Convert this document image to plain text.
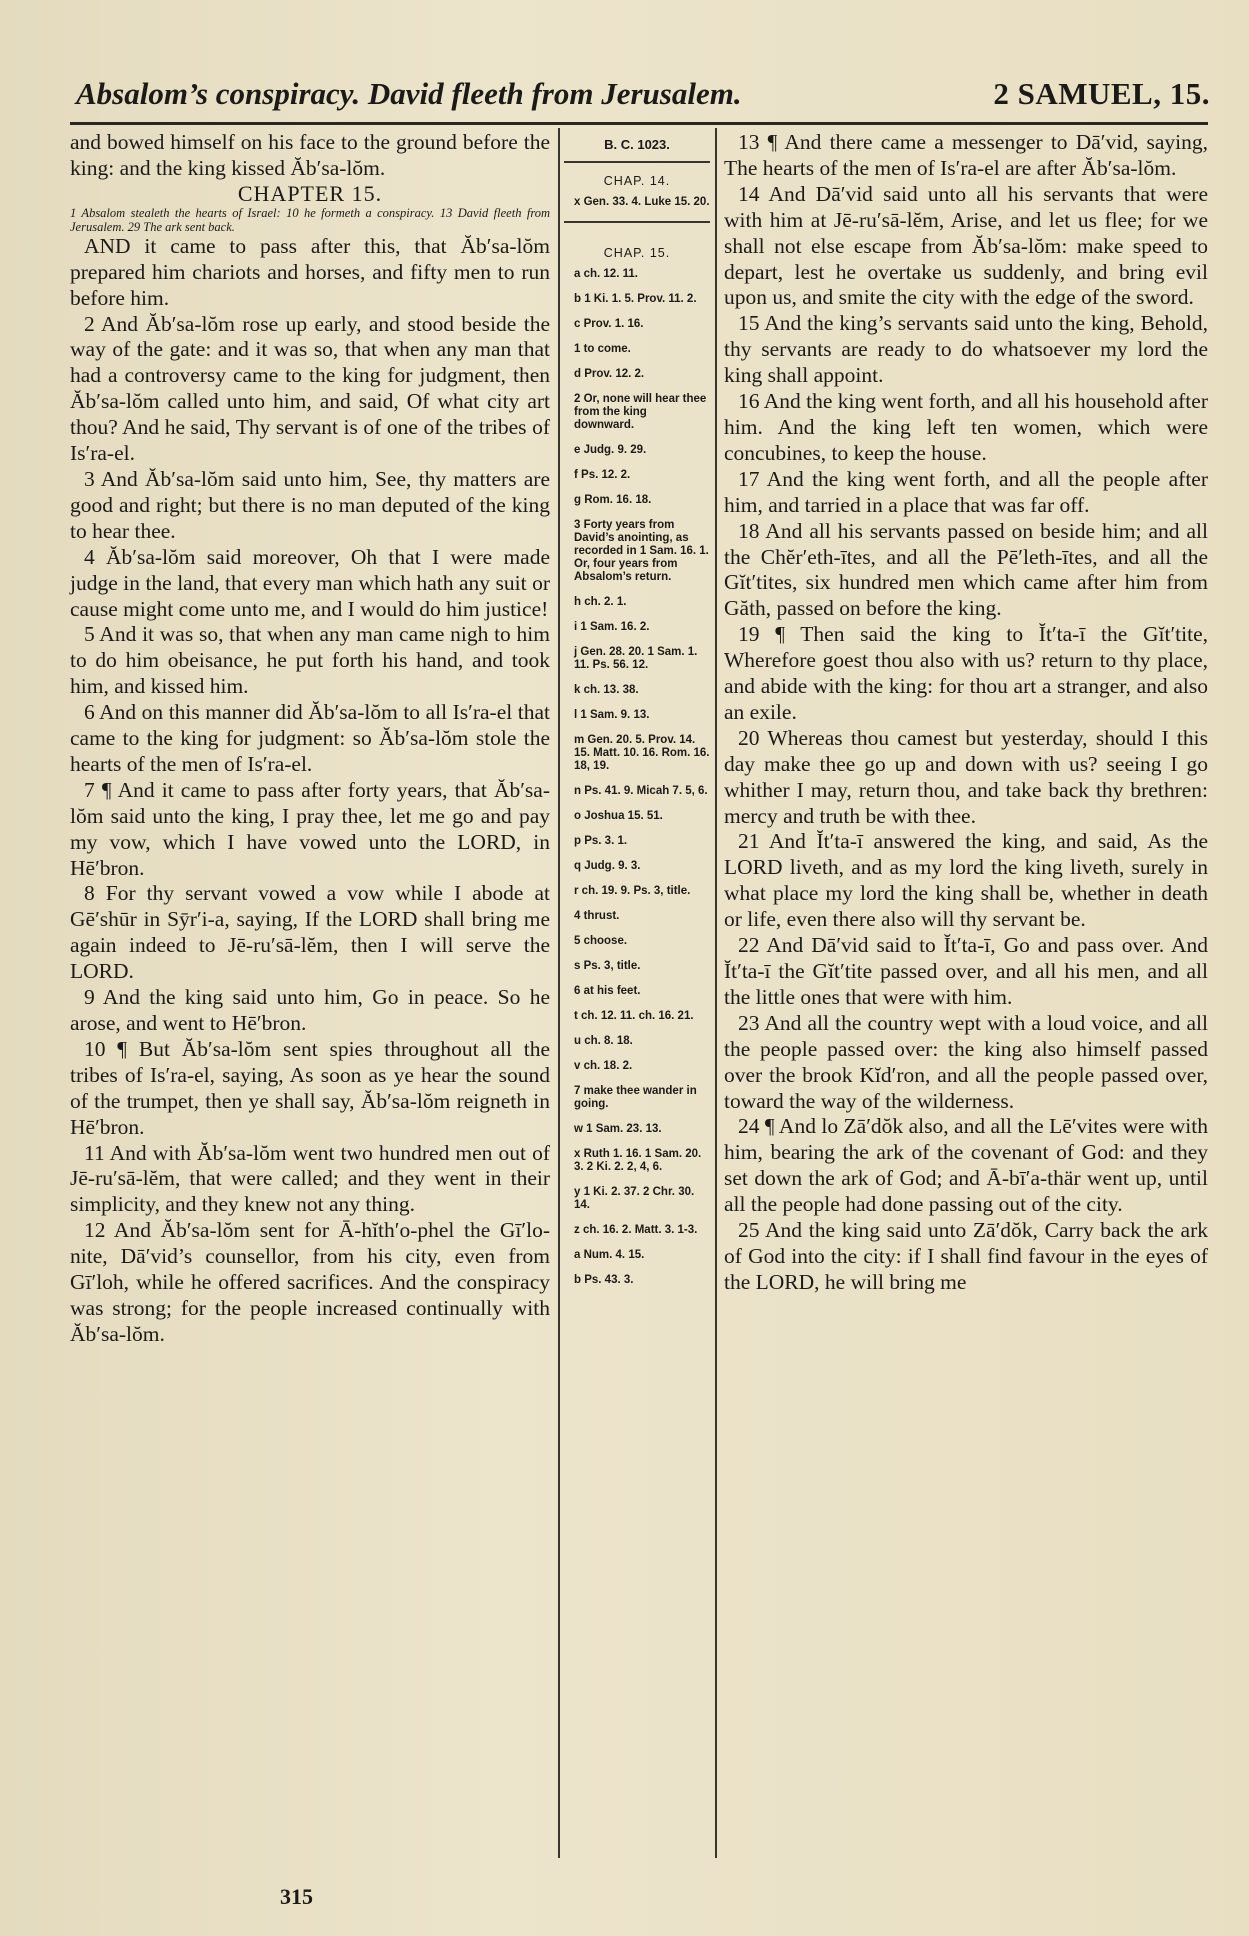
Absalom’s conspiracy. David fleeth from Jerusalem.	2 SAMUEL, 15.

and bowed himself on his face to the ground before the king: and the king kissed Ăb′sa-lŏm.

CHAPTER 15.

1 Absalom stealeth the hearts of Israel: 10 he formeth a conspiracy. 13 David fleeth from Jerusalem. 29 The ark sent back.

AND it came to pass after this, that Ăb′sa-lŏm prepared him chariots and horses, and fifty men to run before him.

2 And Ăb′sa-lŏm rose up early, and stood beside the way of the gate: and it was so, that when any man that had a controversy came to the king for judgment, then Ăb′sa-lŏm called unto him, and said, Of what city art thou? And he said, Thy servant is of one of the tribes of Is′ra-el.

3 And Ăb′sa-lŏm said unto him, See, thy matters are good and right; but there is no man deputed of the king to hear thee.

4 Ăb′sa-lŏm said moreover, Oh that I were made judge in the land, that every man which hath any suit or cause might come unto me, and I would do him justice!

5 And it was so, that when any man came nigh to him to do him obeisance, he put forth his hand, and took him, and kissed him.

6 And on this manner did Ăb′sa-lŏm to all Is′ra-el that came to the king for judgment: so Ăb′sa-lŏm stole the hearts of the men of Is′ra-el.

7 ¶ And it came to pass after forty years, that Ăb′sa-lŏm said unto the king, I pray thee, let me go and pay my vow, which I have vowed unto the LORD, in Hē′bron.

8 For thy servant vowed a vow while I abode at Gē′shūr in Sȳr′i-a, saying, If the LORD shall bring me again indeed to Jē-ru′sā-lĕm, then I will serve the LORD.

9 And the king said unto him, Go in peace. So he arose, and went to Hē′bron.

10 ¶ But Ăb′sa-lŏm sent spies throughout all the tribes of Is′ra-el, saying, As soon as ye hear the sound of the trumpet, then ye shall say, Ăb′sa-lŏm reigneth in Hē′bron.

11 And with Ăb′sa-lŏm went two hundred men out of Jē-ru′sā-lĕm, that were called; and they went in their simplicity, and they knew not any thing.

12 And Ăb′sa-lŏm sent for Ā-hĭth′o-phel the Gī′lo-nite, Dā′vid’s counsellor, from his city, even from Gī′loh, while he offered sacrifices. And the conspiracy was strong; for the people increased continually with Ăb′sa-lŏm.

B. C. 1023.
CHAP. 14.
x Gen. 33. 4. Luke 15. 20.
CHAP. 15.
a ch. 12. 11.
b 1 Ki. 1. 5. Prov. 11. 2.
c Prov. 1. 16.
1 to come.
d Prov. 12. 2.
2 Or, none will hear thee from the king downward.
e Judg. 9. 29.
f Ps. 12. 2.
g Rom. 16. 18.
3 Forty years from David’s anointing, as recorded in 1 Sam. 16. 1. Or, four years from Absalom’s return.
h ch. 2. 1.
i 1 Sam. 16. 2.
j Gen. 28. 20. 1 Sam. 1. 11. Ps. 56. 12.
k ch. 13. 38.
l 1 Sam. 9. 13.
m Gen. 20. 5. Prov. 14. 15. Matt. 10. 16. Rom. 16. 18, 19.
n Ps. 41. 9. Micah 7. 5, 6.
o Joshua 15. 51.
p Ps. 3. 1.
q Judg. 9. 3.
r ch. 19. 9. Ps. 3, title.
4 thrust.
5 choose.
s Ps. 3, title.
6 at his feet.
t ch. 12. 11. ch. 16. 21.
u ch. 8. 18.
v ch. 18. 2.
7 make thee wander in going.
w 1 Sam. 23. 13.
x Ruth 1. 16. 1 Sam. 20. 3. 2 Ki. 2. 2, 4, 6.
y 1 Ki. 2. 37. 2 Chr. 30. 14.
z ch. 16. 2. Matt. 3. 1-3.
a Num. 4. 15.
b Ps. 43. 3.

13 ¶ And there came a messenger to Dā′vid, saying, The hearts of the men of Is′ra-el are after Ăb′sa-lŏm.

14 And Dā′vid said unto all his servants that were with him at Jē-ru′sā-lĕm, Arise, and let us flee; for we shall not else escape from Ăb′sa-lŏm: make speed to depart, lest he overtake us suddenly, and bring evil upon us, and smite the city with the edge of the sword.

15 And the king’s servants said unto the king, Behold, thy servants are ready to do whatsoever my lord the king shall appoint.

16 And the king went forth, and all his household after him. And the king left ten women, which were concubines, to keep the house.

17 And the king went forth, and all the people after him, and tarried in a place that was far off.

18 And all his servants passed on beside him; and all the Chĕr′eth-ītes, and all the Pē′leth-ītes, and all the Gĭt′tites, six hundred men which came after him from Găth, passed on before the king.

19 ¶ Then said the king to Ĭt′ta-ī the Gĭt′tite, Wherefore goest thou also with us? return to thy place, and abide with the king: for thou art a stranger, and also an exile.

20 Whereas thou camest but yesterday, should I this day make thee go up and down with us? seeing I go whither I may, return thou, and take back thy brethren: mercy and truth be with thee.

21 And Ĭt′ta-ī answered the king, and said, As the LORD liveth, and as my lord the king liveth, surely in what place my lord the king shall be, whether in death or life, even there also will thy servant be.

22 And Dā′vid said to Ĭt′ta-ī, Go and pass over. And Ĭt′ta-ī the Gĭt′tite passed over, and all his men, and all the little ones that were with him.

23 And all the country wept with a loud voice, and all the people passed over: the king also himself passed over the brook Kĭd′ron, and all the people passed over, toward the way of the wilderness.

24 ¶ And lo Zā′dŏk also, and all the Lē′vites were with him, bearing the ark of the covenant of God: and they set down the ark of God; and Ā-bī′a-thär went up, until all the people had done passing out of the city.

25 And the king said unto Zā′dŏk, Carry back the ark of God into the city: if I shall find favour in the eyes of the LORD, he will bring me

315
